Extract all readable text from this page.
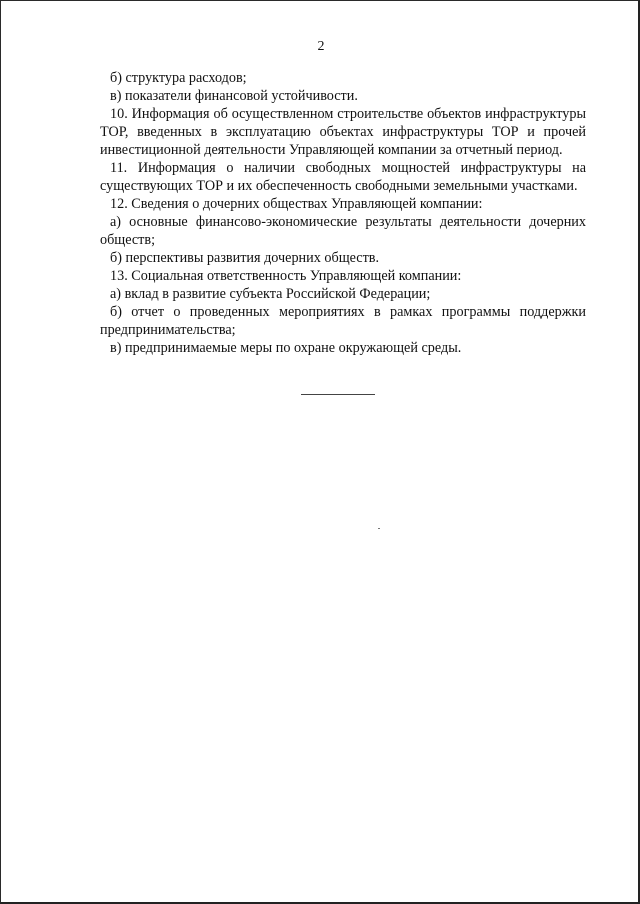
2

б) структура расходов;

в) показатели финансовой устойчивости.

10. Информация об осуществленном строительстве объектов инфраструктуры ТОР, введенных в эксплуатацию объектах инфраструктуры ТОР и прочей инвестиционной деятельности Управляющей компании за отчетный период.

11. Информация о наличии свободных мощностей инфраструктуры на существующих ТОР и их обеспеченность свободными земельными участками.

12. Сведения о дочерних обществах Управляющей компании:

а) основные финансово-экономические результаты деятельности дочерних обществ;

б) перспективы развития дочерних обществ.

13. Социальная ответственность Управляющей компании:

а) вклад в развитие субъекта Российской Федерации;

б) отчет о проведенных мероприятиях в рамках программы поддержки предпринимательства;

в) предпринимаемые меры по охране окружающей среды.
